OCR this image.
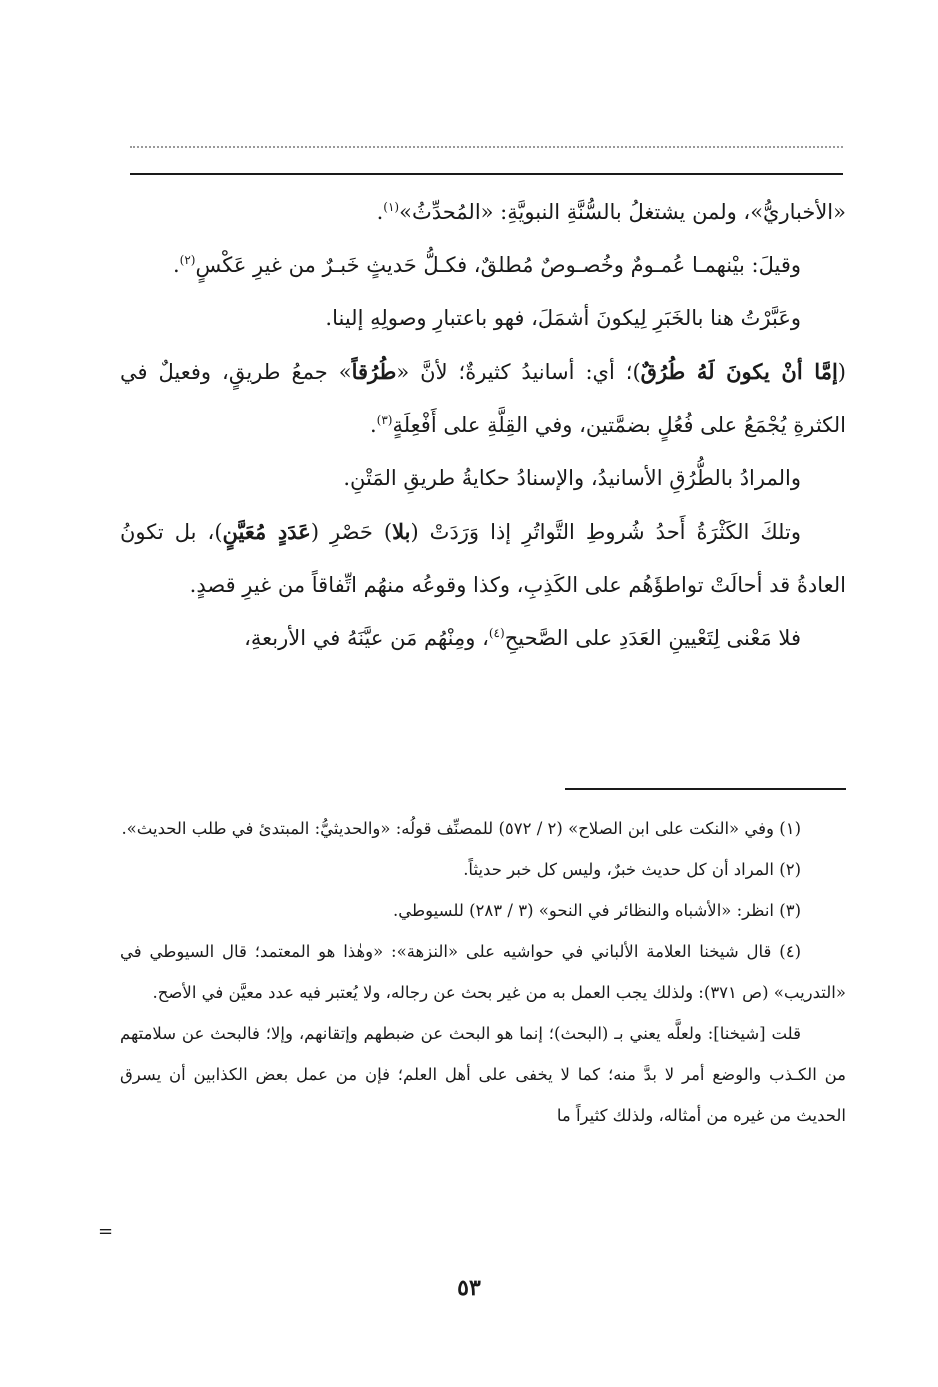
«الأخباريُّ»، ولمن يشتغلُ بالسُّنَّةِ النبويَّةِ: «المُحدِّثُ»$^{(١)}$.

وقيلَ: بيْنهمـا عُمـومٌ وخُصـوصٌ مُطلقٌ، فكـلُّ حَديثٍ خَبـرٌ من غيرِ عَكْسٍ$^{(٢)}$.

وعَبَّرْتُ هنا بالخَبَرِ لِيكونَ أشمَلَ، فهو باعتبارِ وصولِهِ إلينا.

(إمَّا أنْ يكونَ لَهُ طُرُقٌ)؛ أي: أسانيدُ كثيرةٌ؛ لأنَّ «طُرُقاً» جمعُ طريقٍ، وفعيلٌ في الكثرةِ يُجْمَعُ على فُعُلٍ بضمَّتين، وفي القِلَّةِ على أَفْعِلَةٍ$^{(٣)}$.

والمرادُ بالطُّرُقِ الأسانيدُ، والإسنادُ حكايةُ طريقِ المَتْنِ.

وتلكَ الكَثْرَةُ أَحدُ شُروطِ التَّواتُرِ إذا وَرَدَتْ (بلا) حَصْرِ (عَدَدٍ مُعَيَّنٍ)، بل تكونُ العادةُ قد أحالَتْ تواطؤَهُم على الكَذِبِ، وكذا وقوعُه منهُم اتِّفاقاً من غيرِ قصدٍ.

فلا مَعْنى لِتَعْيينِ العَدَدِ على الصَّحيحِ$^{(٤)}$، ومِنْهُم مَن عيَّنَهُ في الأربعةِ،

(١) وفي «النكت على ابن الصلاح» (٢ / ٥٧٢) للمصنِّف قولُه: «والحديثيُّ: المبتدئ في طلب الحديث».

(٢) المراد أن كل حديث خبرٌ، وليس كل خبر حديثاً.

(٣) انظر: «الأشباه والنظائر في النحو» (٣ / ٢٨٣) للسيوطي.

(٤) قال شيخنا العلامة الألباني في حواشيه على «النزهة»: «وهٰذا هو المعتمد؛ قال السيوطي في «التدريب» (ص ٣٧١): ولذلك يجب العمل به من غير بحث عن رجاله، ولا يُعتبر فيه عدد معيَّن في الأصح.

قلت [شيخنا]: ولعلَّه يعني بـ (البحث)؛ إنما هو البحث عن ضبطهم وإتقانهم، وإلا؛ فالبحث عن سلامتهم من الكـذب والوضع أمر لا بدَّ منه؛ كما لا يخفى على أهل العلم؛ فإن من عمل بعض الكذابين أن يسرق الحديث من غيره من أمثاله، ولذلك كثيراً ما

=
٥٣
